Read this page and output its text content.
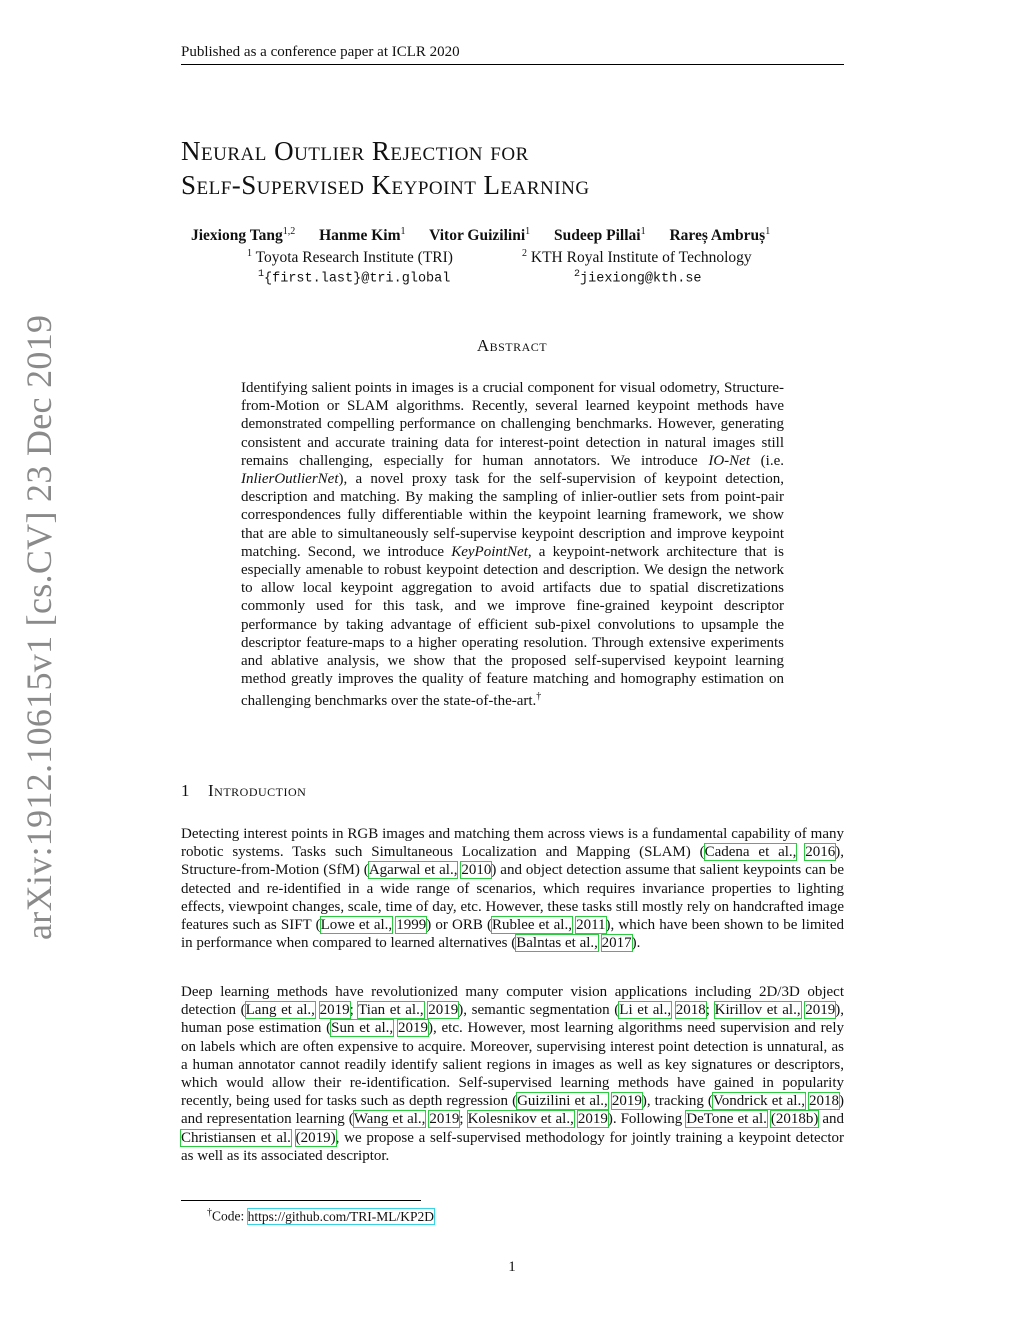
Published as a conference paper at ICLR 2020
arXiv:1912.10615v1 [cs.CV] 23 Dec 2019
Neural Outlier Rejection for
Self-Supervised Keypoint Learning
Jiexiong Tang$^{1,2}$ Hanme Kim$^1$ Vitor Guizilini$^1$ Sudeep Pillai$^1$ Rareș Ambruș$^1$
$^1$ Toyota Research Institute (TRI)	$^2$ KTH Royal Institute of Technology
$^1${first.last}@tri.global	$^2$jiexiong@kth.se
Abstract
Identifying salient points in images is a crucial component for visual odometry, Structure-from-Motion or SLAM algorithms. Recently, several learned keypoint methods have demonstrated compelling performance on challenging benchmarks. However, generating consistent and accurate training data for interest-point detection in natural images still remains challenging, especially for human annotators. We introduce IO-Net (i.e. InlierOutlierNet), a novel proxy task for the self-supervision of keypoint detection, description and matching. By making the sampling of inlier-outlier sets from point-pair correspondences fully differentiable within the keypoint learning framework, we show that are able to simultaneously self-supervise keypoint description and improve keypoint matching. Second, we introduce KeyPointNet, a keypoint-network architecture that is especially amenable to robust keypoint detection and description. We design the network to allow local keypoint aggregation to avoid artifacts due to spatial discretizations commonly used for this task, and we improve fine-grained keypoint descriptor performance by taking advantage of efficient sub-pixel convolutions to upsample the descriptor feature-maps to a higher operating resolution. Through extensive experiments and ablative analysis, we show that the proposed self-supervised keypoint learning method greatly improves the quality of feature matching and homography estimation on challenging benchmarks over the state-of-the-art.†
1 Introduction
Detecting interest points in RGB images and matching them across views is a fundamental capability of many robotic systems. Tasks such Simultaneous Localization and Mapping (SLAM) (Cadena et al., 2016), Structure-from-Motion (SfM) (Agarwal et al., 2010) and object detection assume that salient keypoints can be detected and re-identified in a wide range of scenarios, which requires invariance properties to lighting effects, viewpoint changes, scale, time of day, etc. However, these tasks still mostly rely on handcrafted image features such as SIFT (Lowe et al., 1999) or ORB (Rublee et al., 2011), which have been shown to be limited in performance when compared to learned alternatives (Balntas et al., 2017).
Deep learning methods have revolutionized many computer vision applications including 2D/3D object detection (Lang et al., 2019; Tian et al., 2019), semantic segmentation (Li et al., 2018; Kirillov et al., 2019), human pose estimation (Sun et al., 2019), etc. However, most learning algorithms need supervision and rely on labels which are often expensive to acquire. Moreover, supervising interest point detection is unnatural, as a human annotator cannot readily identify salient regions in images as well as key signatures or descriptors, which would allow their re-identification. Self-supervised learning methods have gained in popularity recently, being used for tasks such as depth regression (Guizilini et al., 2019), tracking (Vondrick et al., 2018) and representation learning (Wang et al., 2019; Kolesnikov et al., 2019). Following DeTone et al. (2018b) and Christiansen et al. (2019), we propose a self-supervised methodology for jointly training a keypoint detector as well as its associated descriptor.
†Code: https://github.com/TRI-ML/KP2D
1
